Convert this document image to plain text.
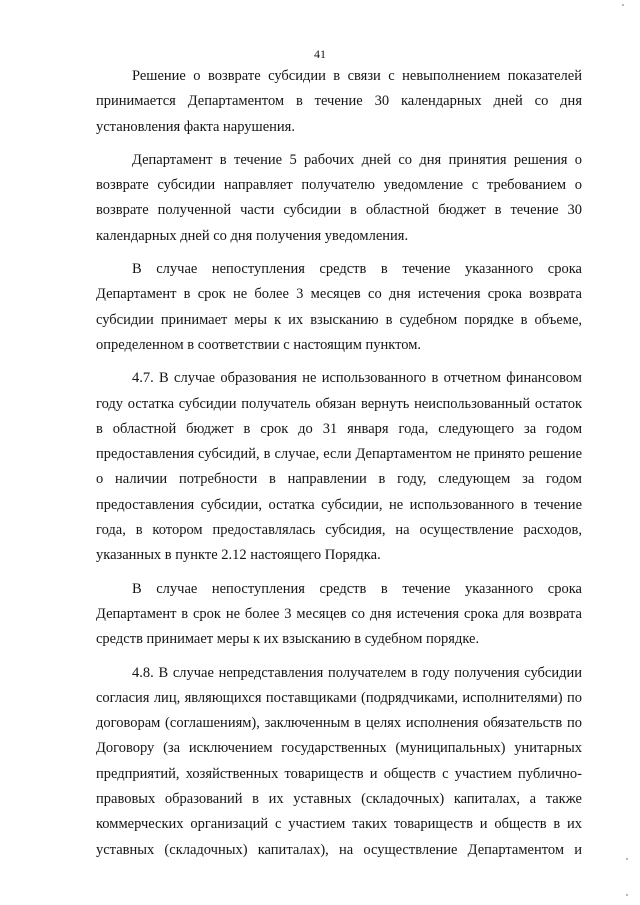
41

Решение о возврате субсидии в связи с невыполнением показателей принимается Департаментом в течение 30 календарных дней со дня установления факта нарушения.

Департамент в течение 5 рабочих дней со дня принятия решения о возврате субсидии направляет получателю уведомление с требованием о возврате полученной части субсидии в областной бюджет в течение 30 календарных дней со дня получения уведомления.

В случае непоступления средств в течение указанного срока Департамент в срок не более 3 месяцев со дня истечения срока возврата субсидии принимает меры к их взысканию в судебном порядке в объеме, определенном в соответствии с настоящим пунктом.

4.7. В случае образования не использованного в отчетном финансовом году остатка субсидии получатель обязан вернуть неиспользованный остаток в областной бюджет в срок до 31 января года, следующего за годом предоставления субсидий, в случае, если Департаментом не принято решение о наличии потребности в направлении в году, следующем за годом предоставления субсидии, остатка субсидии, не использованного в течение года, в котором предоставлялась субсидия, на осуществление расходов, указанных в пункте 2.12 настоящего Порядка.

В случае непоступления средств в течение указанного срока Департамент в срок не более 3 месяцев со дня истечения срока для возврата средств принимает меры к их взысканию в судебном порядке.

4.8. В случае непредставления получателем в году получения субсидии согласия лиц, являющихся поставщиками (подрядчиками, исполнителями) по договорам (соглашениям), заключенным в целях исполнения обязательств по Договору (за исключением государственных (муниципальных) унитарных предприятий, хозяйственных товариществ и обществ с участием публично-правовых образований в их уставных (складочных) капиталах, а также коммерческих организаций с участием таких товариществ и обществ в их уставных (складочных) капиталах), на осуществление Департаментом и
